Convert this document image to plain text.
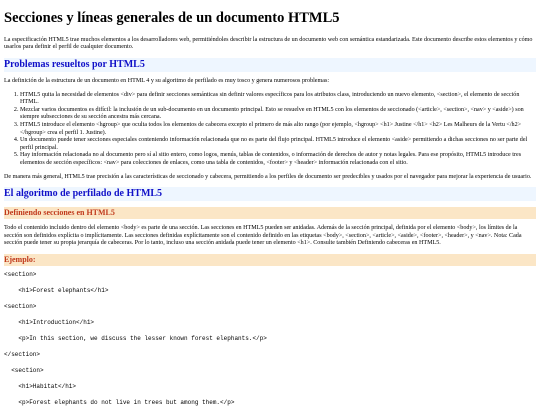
Secciones y líneas generales de un documento HTML5

La especificación HTML5 trae muchos elementos a los desarrolladores web, permitiéndoles describir la estructura de un documento web con semántica estandarizada. Este documento describe estos elementos y cómo usarlos para definir el perfil de cualquier documento.

Problemas resueltos por HTML5

La definición de la estructura de un documento en HTML 4 y su algoritmo de perfilado es muy tosco y genera numerosos problemas:

1. HTML5 quita la necesidad de elementos <div> para definir secciones semánticas sin definir valores específicos para los atributos class, introduciendo un nuevo elemento, <section>, el elemento de sección HTML.
2. Mezclar varios documentos es difícil: la inclusión de un sub-documento en un documento principal. Esto se resuelve en HTML5 con los elementos de seccionado (<article>, <section>, <nav> y <aside>) son siempre subsecciones de su sección ancestra más cercana.
3. HTML5 introduce el elemento <hgroup> que oculta todos los elementos de cabecera excepto el primero de más alto rango (por ejemplo, <hgroup> <h1> Justine </h1> <h2> Les Malheurs de la Vertu </h2></hgroup> crea el perfil 1. Justine).
4. Un documento puede tener secciones especiales conteniendo información relacionada que no es parte del flujo principal. HTML5 introduce el elemento <aside> permitiendo a dichas secciones no ser parte del perfil principal.
5. Hay información relacionada no al documento pero sí al sitio entero, como logos, menús, tablas de contenidos, o información de derechos de autor y notas legales. Para ese propósito, HTML5 introduce tres elementos de sección específicos: <nav> para colecciones de enlaces, como una tabla de contenidos, <footer> y <header> información relacionada con el sitio.

De manera más general, HTML5 trae precisión a las características de seccionado y cabecera, permitiendo a los perfiles de documento ser predecibles y usados por el navegador para mejorar la experiencia de usuario.

El algoritmo de perfilado de HTML5
Definiendo secciones en HTML5

Todo el contenido incluido dentro del elemento <body> es parte de una sección. Las secciones en HTML5 pueden ser anidadas. Además de la sección principal, definida por el elemento <body>, los límites de la sección son definidos explícita o implícitamente. Las secciones definidas explícitamente son el contenido definido en las etiquetas <body>, <section>, <article>, <aside>, <footer>, <header>, y <nav>. Nota: Cada sección puede tener su propia jerarquía de cabeceras. Por lo tanto, incluso una sección anidada puede tener un elemento <h1>. Consulte también Definiendo cabeceras en HTML5.

Ejemplo:
<section>
<h1>Forest elephants</h1>
<section>
<h1>Introduction</h1>
<p>In this section, we discuss the lesser known forest elephants.</p>
</section>
<section>
<h1>Habitat</h1>
<p>Forest elephants do not live in trees but among them.</p>
